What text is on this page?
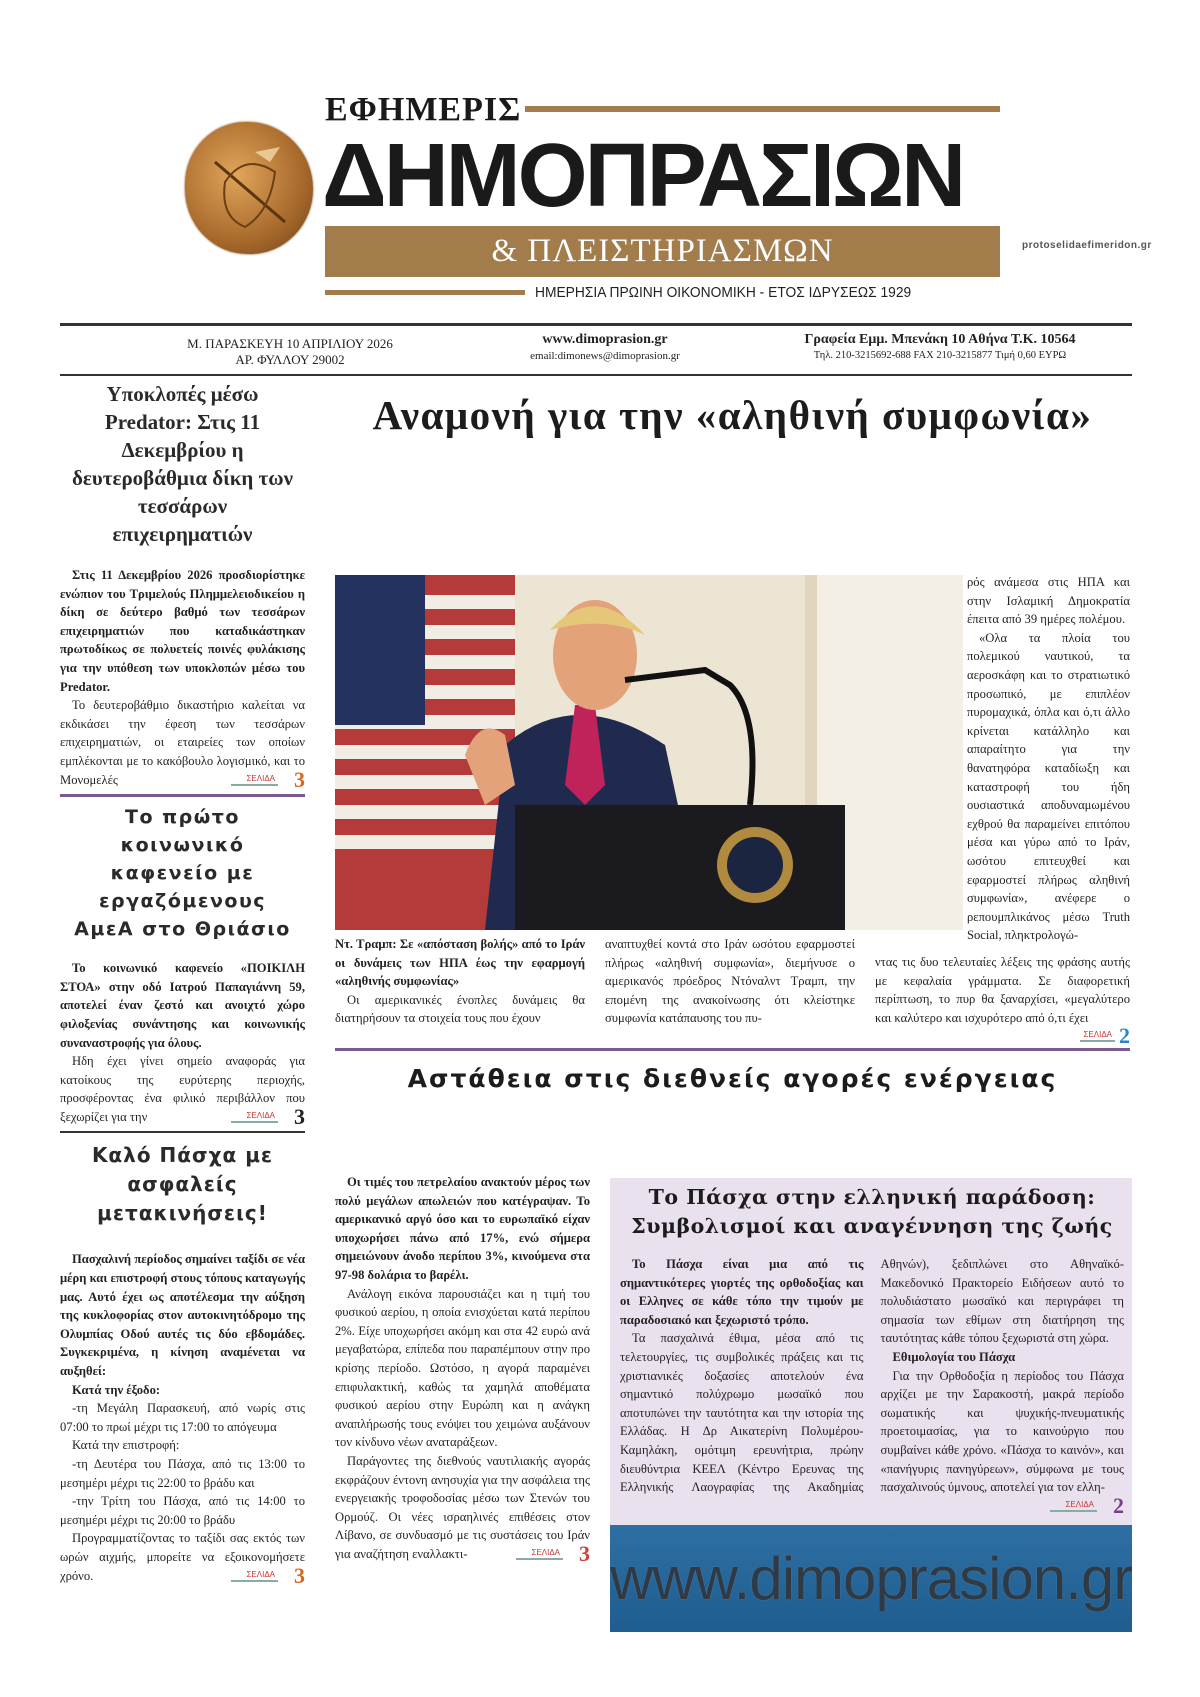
ΕΦΗΜΕΡΙΣ
ΔΗΜΟΠΡΑΣΙΩΝ
& ΠΛΕΙΣΤΗΡΙΑΣΜΩΝ
ΗΜΕΡΗΣΙΑ ΠΡΩΙΝΗ ΟΙΚΟΝΟΜΙΚΗ - ΕΤΟΣ ΙΔΡΥΣΕΩΣ 1929
protoselidaefimeridon.gr
Μ. ΠΑΡΑΣΚΕΥΗ 10 ΑΠΡΙΛΙΟΥ 2026
ΑΡ. ΦΥΛΛΟΥ 29002
www.dimoprasion.gr
email:dimonews@dimoprasion.gr
Γραφεία Εμμ. Μπενάκη 10 Αθήνα Τ.Κ. 10564
Τηλ. 210-3215692-688 FAX 210-3215877 Τιμή 0,60 ΕΥΡΩ
Υποκλοπές μέσω Predator: Στις 11 Δεκεμβρίου η δευτεροβάθμια δίκη των τεσσάρων επιχειρηματιών

Στις 11 Δεκεμβρίου 2026 προσδιορίστηκε ενώπιον του Τριμελούς Πλημμελειοδικείου η δίκη σε δεύτερο βαθμό των τεσσάρων επιχειρηματιών που καταδικάστηκαν πρωτοδίκως σε πολυετείς ποινές φυλάκισης για την υπόθεση των υποκλοπών μέσω του Predator.

Το δευτεροβάθμιο δικαστήριο καλείται να εκδικάσει την έφεση των τεσσάρων επιχειρηματιών, οι εταιρείες των οποίων εμπλέκονται με το κακόβουλο λογισμικό, και το Μονομελές	ΣΕΛΙΔΑ 3

Το πρώτο κοινωνικό καφενείο με εργαζόμενους ΑμεΑ στο Θριάσιο

Το κοινωνικό καφενείο «ΠΟΙΚΙΛΗ ΣΤΟΑ» στην οδό Ιατρού Παπαγιάννη 59, αποτελεί έναν ζεστό και ανοιχτό χώρο φιλοξενίας συνάντησης και κοινωνικής συναναστροφής για όλους.

Ηδη έχει γίνει σημείο αναφοράς για κατοίκους της ευρύτερης περιοχής, προσφέροντας ένα φιλικό περιβάλλον που ξεχωρίζει για την	ΣΕΛΙΔΑ 3

Καλό Πάσχα με ασφαλείς μετακινήσεις!

Πασχαλινή περίοδος σημαίνει ταξίδι σε νέα μέρη και επιστροφή στους τόπους καταγωγής μας. Αυτό έχει ως αποτέλεσμα την αύξηση της κυκλοφορίας στον αυτοκινητόδρομο της Ολυμπίας Οδού αυτές τις δύο εβδομάδες. Συγκεκριμένα, η κίνηση αναμένεται να αυξηθεί:

Κατά την έξοδο:

-τη Μεγάλη Παρασκευή, από νωρίς στις 07:00 το πρωί μέχρι τις 17:00 το απόγευμα

Κατά την επιστροφή:

-τη Δευτέρα του Πάσχα, από τις 13:00 το μεσημέρι μέχρι τις 22:00 το βράδυ και

-την Τρίτη του Πάσχα, από τις 14:00 το μεσημέρι μέχρι τις 20:00 το βράδυ

Προγραμματίζοντας το ταξίδι σας εκτός των ωρών αιχμής, μπορείτε να εξοικονομήσετε χρόνο.	ΣΕΛΙΔΑ 3

Αναμονή για την «αληθινή συμφωνία»

ρός ανάμεσα στις ΗΠΑ και στην Ισλαμική Δημοκρατία έπειτα από 39 ημέρες πολέμου.

«Ολα τα πλοία του πολεμικού ναυτικού, τα αεροσκάφη και το στρατιωτικό προσωπικό, με επιπλέον πυρομαχικά, όπλα και ό,τι άλλο κρίνεται κατάλληλο και απαραίτητο για την θανατηφόρα καταδίωξη και καταστροφή του ήδη ουσιαστικά αποδυναμωμένου εχθρού θα παραμείνει επιτόπου μέσα και γύρω από το Ιράν, ωσότου επιτευχθεί και εφαρμοστεί πλήρως αληθινή συμφωνία», ανέφερε ο ρεπουμπλικάνος μέσω Truth Social, πληκτρολογώ-

Ντ. Τραμπ: Σε «απόσταση βολής» από το Ιράν οι δυνάμεις των ΗΠΑ έως την εφαρμογή «αληθινής συμφωνίας»

Οι αμερικανικές ένοπλες δυνάμεις θα διατηρήσουν τα στοιχεία τους που έχουν

αναπτυχθεί κοντά στο Ιράν ωσότου εφαρμοστεί πλήρως «αληθινή συμφωνία», διεμήνυσε ο αμερικανός πρόεδρος Ντόναλντ Τραμπ, την επομένη της ανακοίνωσης ότι κλείστηκε συμφωνία κατάπαυσης του πυ-

ντας τις δυο τελευταίες λέξεις της φράσης αυτής με κεφαλαία γράμματα. Σε διαφορετική περίπτωση, το πυρ θα ξαναρχίσει, «μεγαλύτερο και καλύτερο και ισχυρότερο από ό,τι έχει
ΣΕΛΙΔΑ 2

Αστάθεια στις διεθνείς αγορές ενέργειας

Οι τιμές του πετρελαίου ανακτούν μέρος των πολύ μεγάλων απωλειών που κατέγραψαν. Το αμερικανικό αργό όσο και το ευρωπαϊκό είχαν υποχωρήσει πάνω από 17%, ενώ σήμερα σημειώνουν άνοδο περίπου 3%, κινούμενα στα 97-98 δολάρια το βαρέλι.

Ανάλογη εικόνα παρουσιάζει και η τιμή του φυσικού αερίου, η οποία ενισχύεται κατά περίπου 2%. Είχε υποχωρήσει ακόμη και στα 42 ευρώ ανά μεγαβατώρα, επίπεδα που παραπέμπουν στην προ κρίσης περίοδο. Ωστόσο, η αγορά παραμένει επιφυλακτική, καθώς τα χαμηλά αποθέματα φυσικού αερίου στην Ευρώπη και η ανάγκη αναπλήρωσής τους ενόψει του χειμώνα αυξάνουν τον κίνδυνο νέων αναταράξεων.

Παράγοντες της διεθνούς ναυτιλιακής αγοράς εκφράζουν έντονη ανησυχία για την ασφάλεια της ενεργειακής τροφοδοσίας μέσω των Στενών του Ορμούζ. Οι νέες ισραηλινές επιθέσεις στον Λίβανο, σε συνδυασμό με τις συστάσεις του Ιράν για αναζήτηση εναλλακτι-	ΣΕΛΙΔΑ 3

Το Πάσχα στην ελληνική παράδοση:
Συμβολισμοί και αναγέννηση της ζωής

Το Πάσχα είναι μια από τις σημαντικότερες γιορτές της ορθοδοξίας και οι Ελληνες σε κάθε τόπο την τιμούν με παραδοσιακό και ξεχωριστό τρόπο.

Τα πασχαλινά έθιμα, μέσα από τις τελετουργίες, τις συμβολικές πράξεις και τις χριστιανικές δοξασίες αποτελούν ένα σημαντικό πολύχρωμο μωσαϊκό που αποτυπώνει την ταυτότητα και την ιστορία της Ελλάδας. Η Δρ Αικατερίνη Πολυμέρου-Καμηλάκη, ομότιμη ερευνήτρια, πρώην διευθύντρια ΚΕΕΛ (Κέντρο Ερευνας της Ελληνικής Λαογραφίας της Ακαδημίας Αθηνών), ξεδιπλώνει στο Αθηναϊκό-Μακεδονικό Πρακτορείο Ειδήσεων αυτό το πολυδιάστατο μωσαϊκό και περιγράφει τη σημασία των εθίμων στη διατήρηση της ταυτότητας κάθε τόπου ξεχωριστά στη χώρα.

Εθιμολογία του Πάσχα

Για την Ορθοδοξία η περίοδος του Πάσχα αρχίζει με την Σαρακοστή, μακρά περίοδο σωματικής και ψυχικής-πνευματικής προετοιμασίας, για το καινούργιο που συμβαίνει κάθε χρόνο. «Πάσχα το καινόν», και «πανήγυρις πανηγύρεων», σύμφωνα με τους πασχαλινούς ύμνους, αποτελεί για τον ελλη-
ΣΕΛΙΔΑ 2

www.dimoprasion.gr
